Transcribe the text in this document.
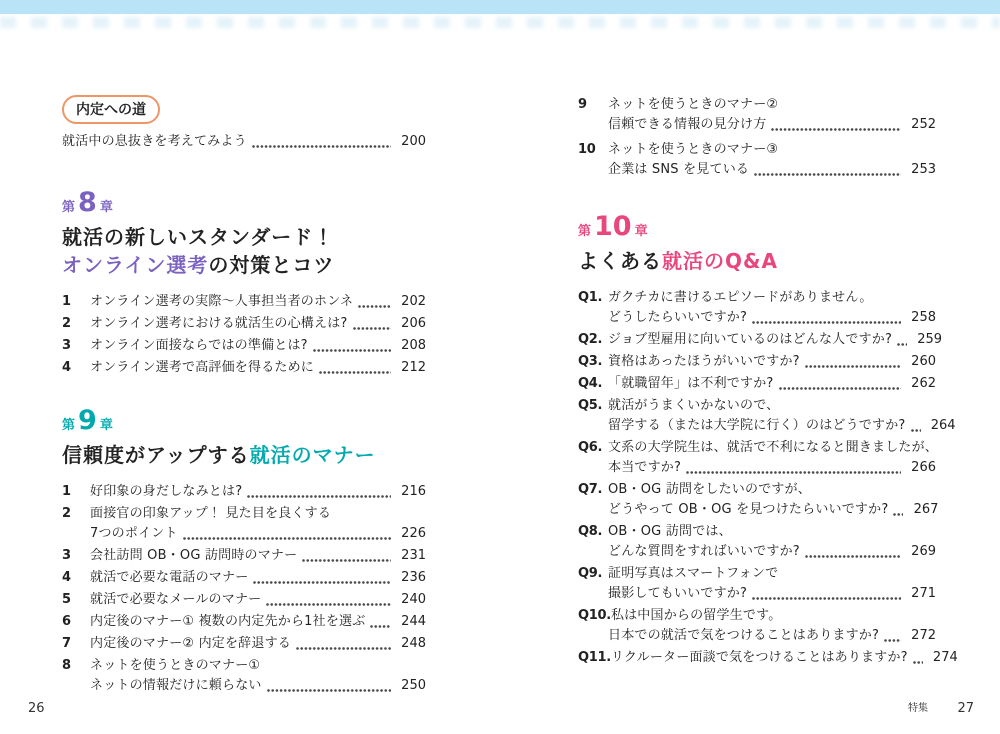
内定への道
就活中の息抜きを考えてみよう	200
第 8 章
就活の新しいスタンダード！
オンライン選考の対策とコツ
1	オンライン選考の実際〜人事担当者のホンネ	202
2	オンライン選考における就活生の心構えは?	206
3	オンライン面接ならではの準備とは?	208
4	オンライン選考で高評価を得るために	212
第 9 章
信頼度がアップする就活のマナー
1	好印象の身だしなみとは?	216
2	面接官の印象アップ！ 見た目を良くする
7つのポイント	226
3	会社訪問 OB・OG 訪問時のマナー	231
4	就活で必要な電話のマナー	236
5	就活で必要なメールのマナー	240
6	内定後のマナー① 複数の内定先から1社を選ぶ	244
7	内定後のマナー② 内定を辞退する	248
8	ネットを使うときのマナー①
ネットの情報だけに頼らない	250
9	ネットを使うときのマナー②
信頼できる情報の見分け方	252
10 ネットを使うときのマナー③
企業は SNS を見ている	253
第 10 章
よくある就活のQ&A
Q1. ガクチカに書けるエピソードがありません。
どうしたらいいですか?	258
Q2. ジョブ型雇用に向いているのはどんな人ですか?	259
Q3. 資格はあったほうがいいですか?	260
Q4. 「就職留年」は不利ですか?	262
Q5. 就活がうまくいかないので、
留学する（または大学院に行く）のはどうですか?	264
Q6. 文系の大学院生は、就活で不利になると聞きましたが、
本当ですか?	266
Q7. OB・OG 訪問をしたいのですが、
どうやって OB・OG を見つけたらいいですか?	267
Q8. OB・OG 訪問では、
どんな質問をすればいいですか?	269
Q9. 証明写真はスマートフォンで
撮影してもいいですか?	271
Q10. 私は中国からの留学生です。
日本での就活で気をつけることはありますか?	272
Q11. リクルーター面談で気をつけることはありますか?	274
26	特集 27
